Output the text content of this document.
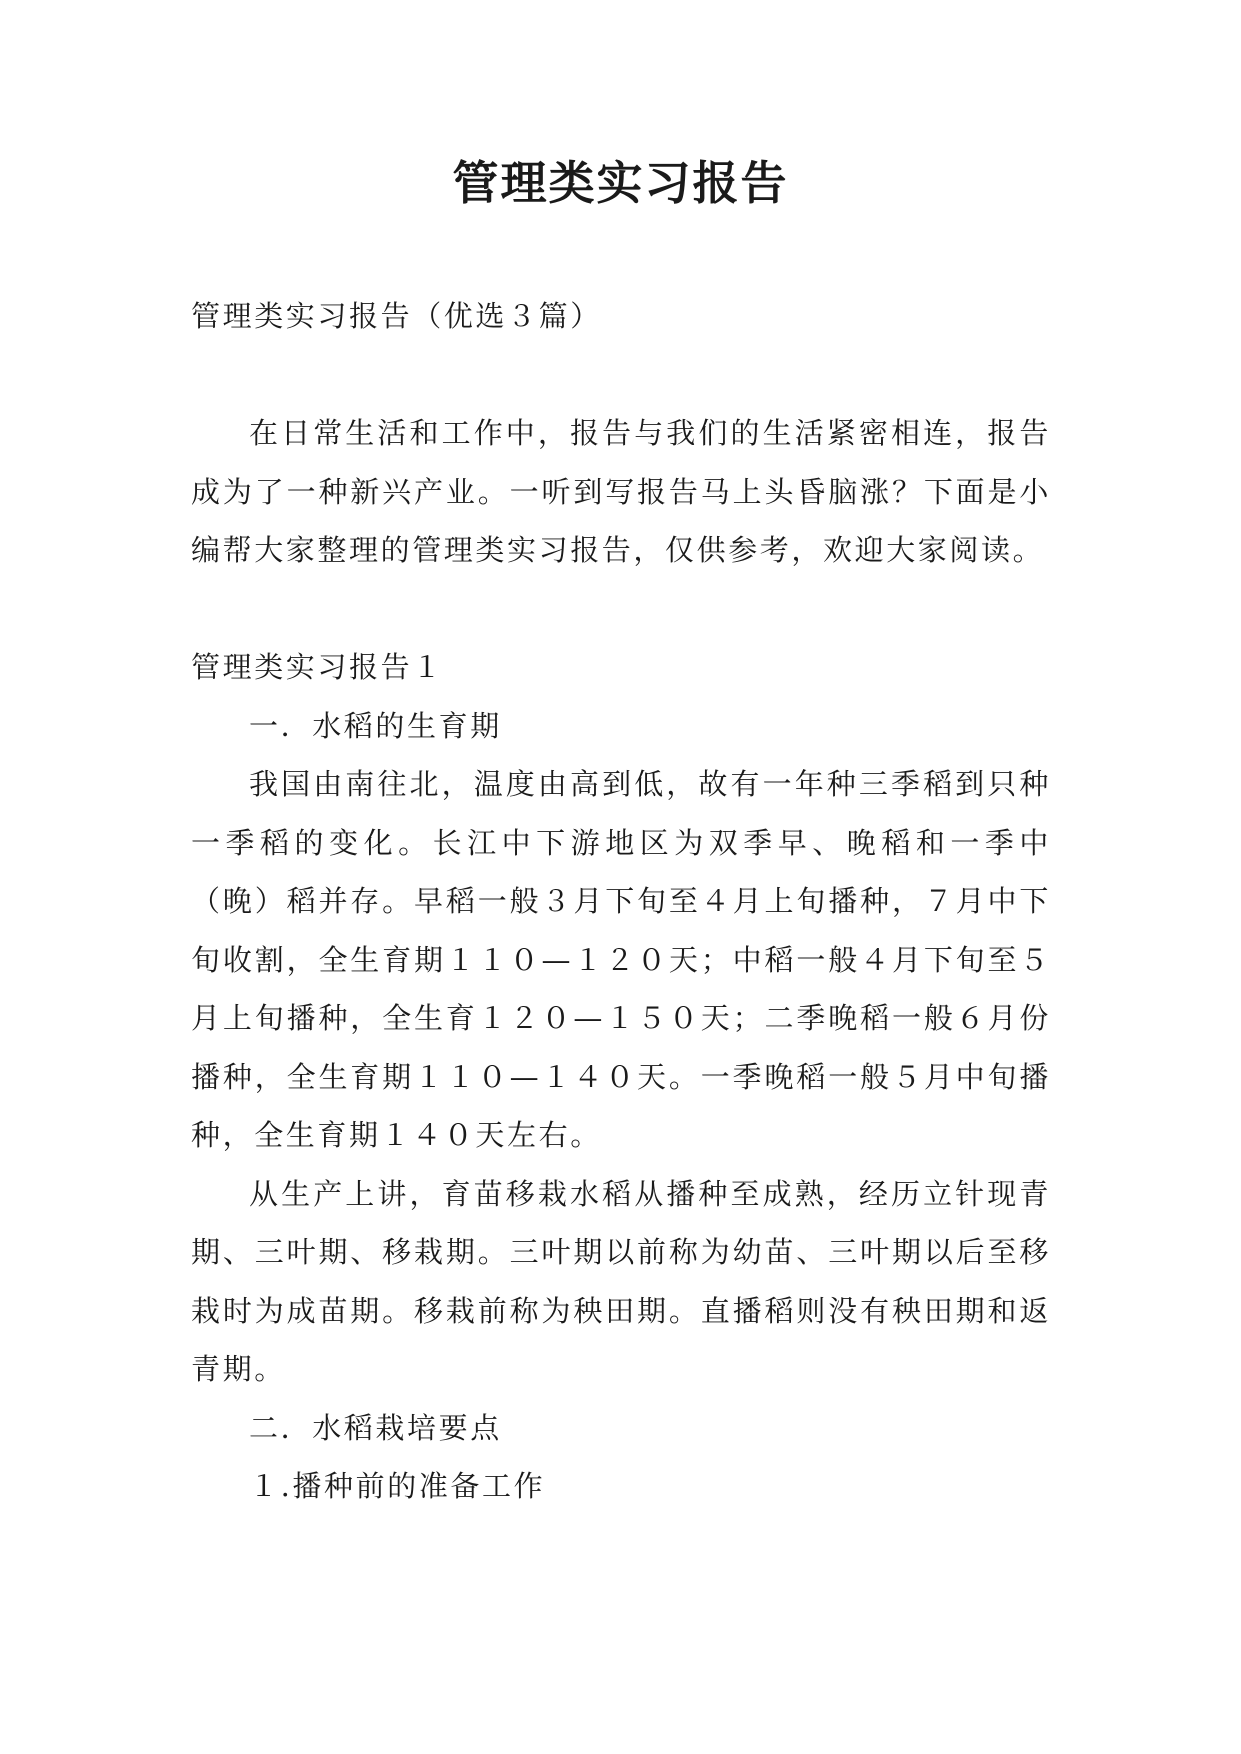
管理类实习报告

管理类实习报告（优选３篇）

在日常生活和工作中，报告与我们的生活紧密相连，报告成为了一种新兴产业。一听到写报告马上头昏脑涨？下面是小编帮大家整理的管理类实习报告，仅供参考，欢迎大家阅读。

管理类实习报告１

一．水稻的生育期

我国由南往北，温度由高到低，故有一年种三季稻到只种一季稻的变化。长江中下游地区为双季早、晚稻和一季中（晚）稻并存。早稻一般３月下旬至４月上旬播种，７月中下旬收割，全生育期１１０—１２０天；中稻一般４月下旬至５月上旬播种，全生育１２０—１５０天；二季晚稻一般６月份播种，全生育期１１０—１４０天。一季晚稻一般５月中旬播种，全生育期１４０天左右。

从生产上讲，育苗移栽水稻从播种至成熟，经历立针现青期、三叶期、移栽期。三叶期以前称为幼苗、三叶期以后至移栽时为成苗期。移栽前称为秧田期。直播稻则没有秧田期和返青期。

二．水稻栽培要点

１.播种前的准备工作
